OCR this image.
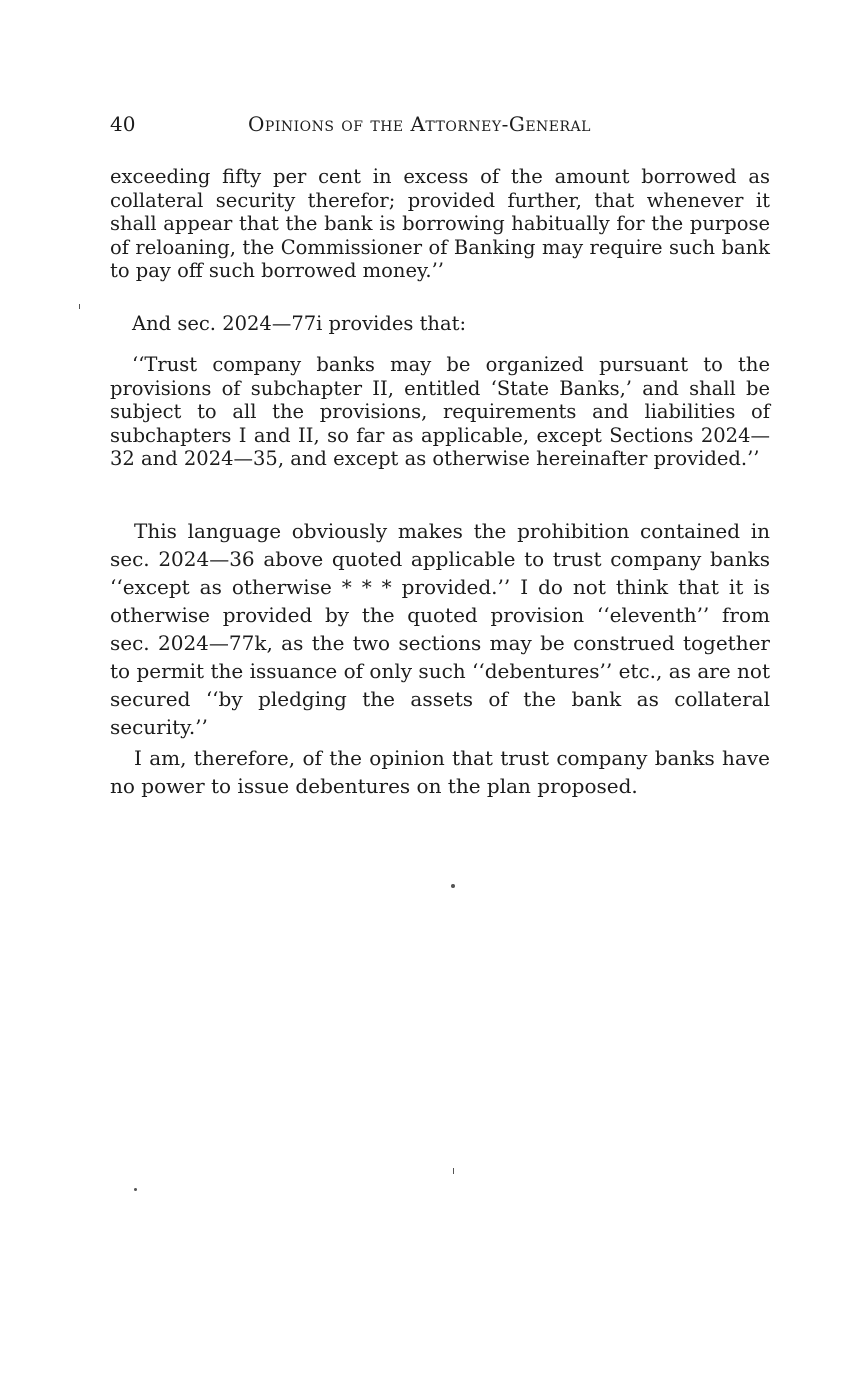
40	Opinions of the Attorney-General

exceeding fifty per cent in excess of the amount borrowed as collateral security therefor; provided further, that whenever it shall appear that the bank is borrowing habitually for the purpose of reloaning, the Commissioner of Banking may require such bank to pay off such borrowed money.’’

And sec. 2024—77i provides that:

‘‘Trust company banks may be organized pursuant to the provisions of subchapter II, entitled ‘State Banks,’ and shall be subject to all the provisions, requirements and liabilities of subchapters I and II, so far as applicable, except Sections 2024—32 and 2024—35, and except as otherwise hereinafter provided.’’

This language obviously makes the prohibition contained in sec. 2024—36 above quoted applicable to trust company banks ‘‘except as otherwise * * * provided.’’ I do not think that it is otherwise provided by the quoted provision ‘‘eleventh’’ from sec. 2024—77k, as the two sections may be construed together to permit the issuance of only such ‘‘debentures’’ etc., as are not secured ‘‘by pledging the assets of the bank as collateral security.’’

I am, therefore, of the opinion that trust company banks have no power to issue debentures on the plan proposed.
